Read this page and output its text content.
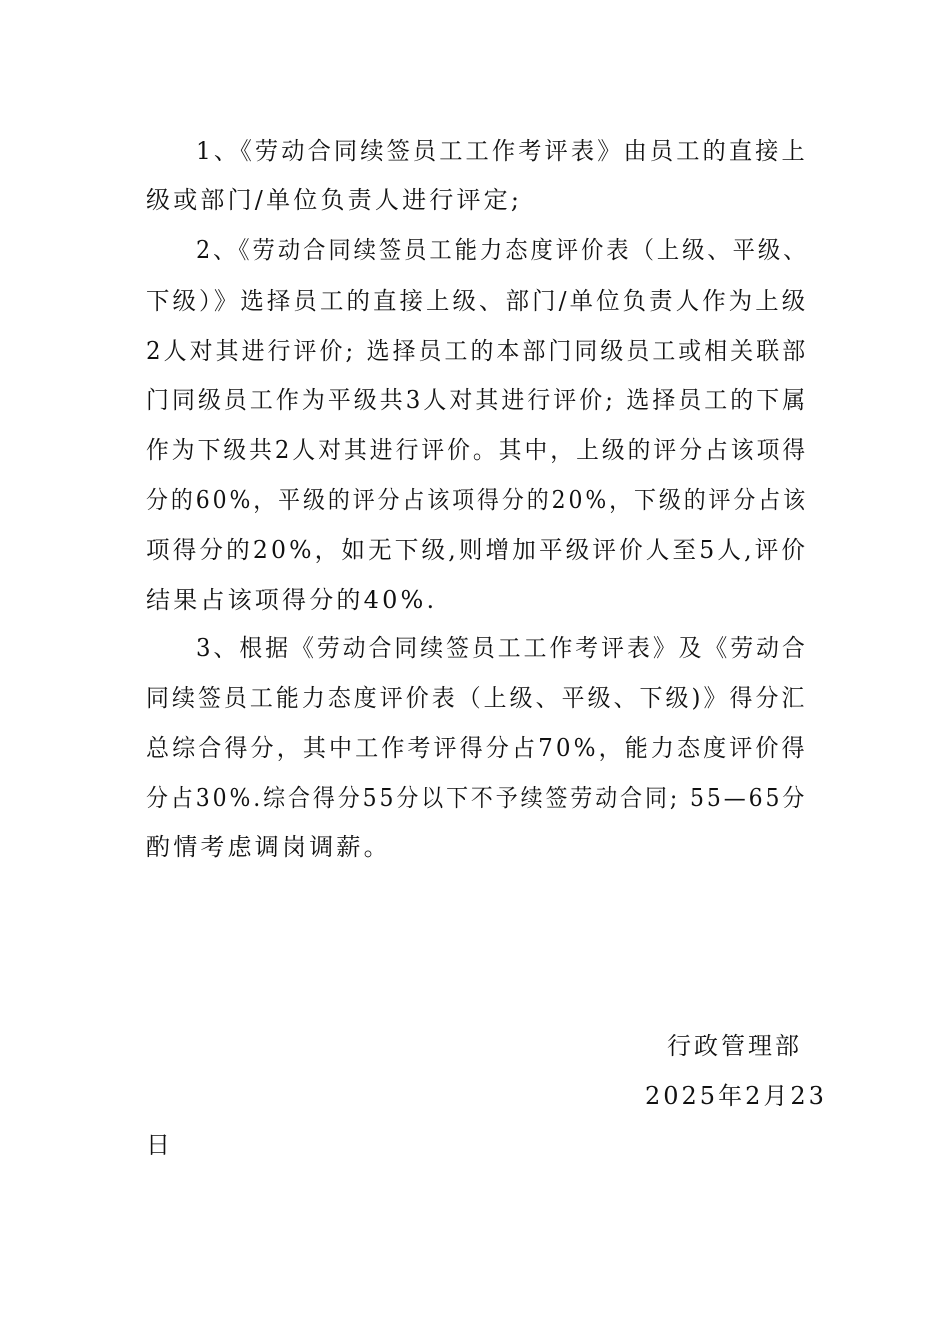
1、《劳动合同续签员工工作考评表》由员工的直接上
级或部门/单位负责人进行评定;
2、《劳动合同续签员工能力态度评价表（上级、平级、
下级）》选择员工的直接上级、部门/单位负责人作为上级
2人对其进行评价; 选择员工的本部门同级员工或相关联部
门同级员工作为平级共3人对其进行评价; 选择员工的下属
作为下级共2人对其进行评价。其中，上级的评分占该项得
分的60%，平级的评分占该项得分的20%，下级的评分占该
项得分的20%，如无下级,则增加平级评价人至5人,评价
结果占该项得分的40%.
3、根据《劳动合同续签员工工作考评表》及《劳动合
同续签员工能力态度评价表（上级、平级、下级)》得分汇
总综合得分，其中工作考评得分占70%，能力态度评价得
分占30%.综合得分55分以下不予续签劳动合同; 55—65分
酌情考虑调岗调薪。
行政管理部
2025年2月23
日
